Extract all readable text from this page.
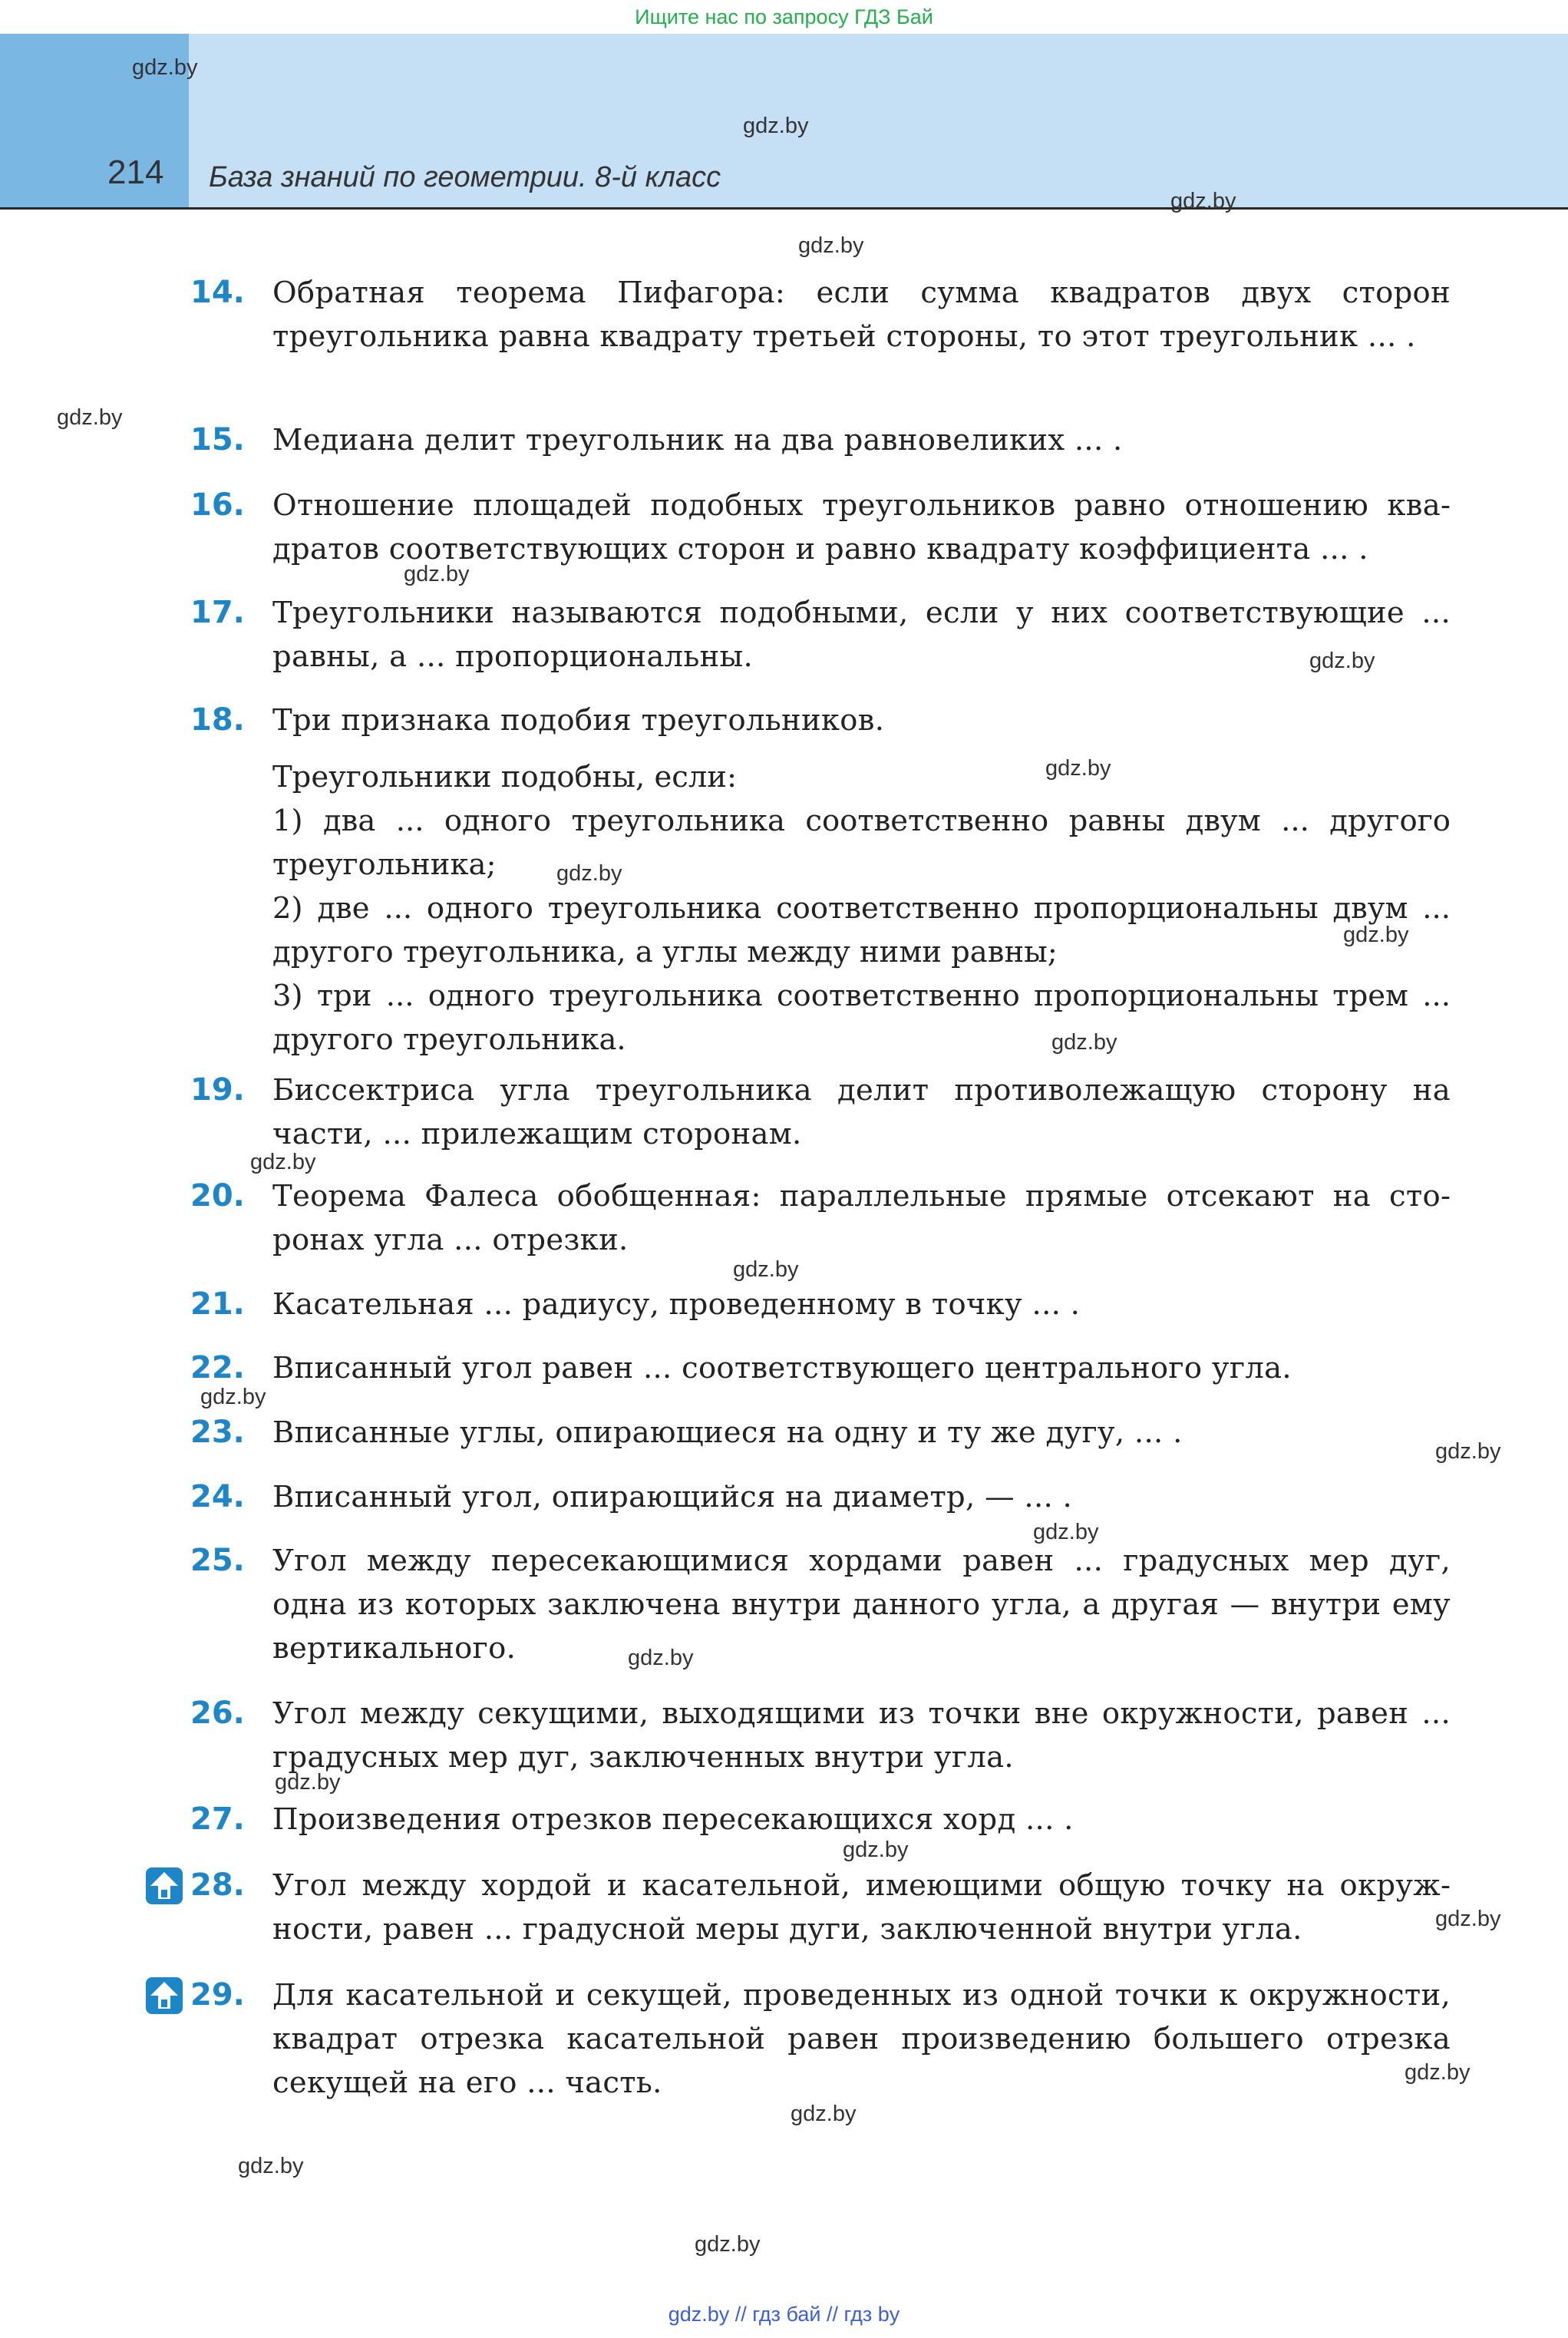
Ищите нас по запросу ГДЗ Бай
214 База знаний по геометрии. 8-й класс
14. Обратная теорема Пифагора: если сумма квадратов двух сторон треугольника равна квадрату третьей стороны, то этот треугольник ... .
15. Медиана делит треугольник на два равновеликих ... .
16. Отношение площадей подобных треугольников равно отношению квадратов соответствующих сторон и равно квадрату коэффициента ... .
17. Треугольники называются подобными, если у них соответствующие ... равны, а ... пропорциональны.
18. Три признака подобия треугольников.
Треугольники подобны, если:
1) два ... одного треугольника соответственно равны двум ... другого треугольника;
2) две ... одного треугольника соответственно пропорциональны двум ... другого треугольника, а углы между ними равны;
3) три ... одного треугольника соответственно пропорциональны трем ... другого треугольника.
19. Биссектриса угла треугольника делит противолежащую сторону на части, ... прилежащим сторонам.
20. Теорема Фалеса обобщенная: параллельные прямые отсекают на сторонах угла ... отрезки.
21. Касательная ... радиусу, проведенному в точку ... .
22. Вписанный угол равен ... соответствующего центрального угла.
23. Вписанные углы, опирающиеся на одну и ту же дугу, ... .
24. Вписанный угол, опирающийся на диаметр, — ... .
25. Угол между пересекающимися хордами равен ... градусных мер дуг, одна из которых заключена внутри данного угла, а другая — внутри ему вертикального.
26. Угол между секущими, выходящими из точки вне окружности, равен ... градусных мер дуг, заключенных внутри угла.
27. Произведения отрезков пересекающихся хорд ... .
28. Угол между хордой и касательной, имеющими общую точку на окружности, равен ... градусной меры дуги, заключенной внутри угла.
29. Для касательной и секущей, проведенных из одной точки к окружности, квадрат отрезка касательной равен произведению большего отрезка секущей на его ... часть.
gdz.by
gdz.by
gdz.by
gdz.by
gdz.by
gdz.by
gdz.by
gdz.by
gdz.by
gdz.by
gdz.by
gdz.by
gdz.by
gdz.by
gdz.by
gdz.by
gdz.by
gdz.by
gdz.by
gdz.by
gdz.by
gdz.by
gdz.by
gdz.by
gdz.by // гдз бай // гдз by
